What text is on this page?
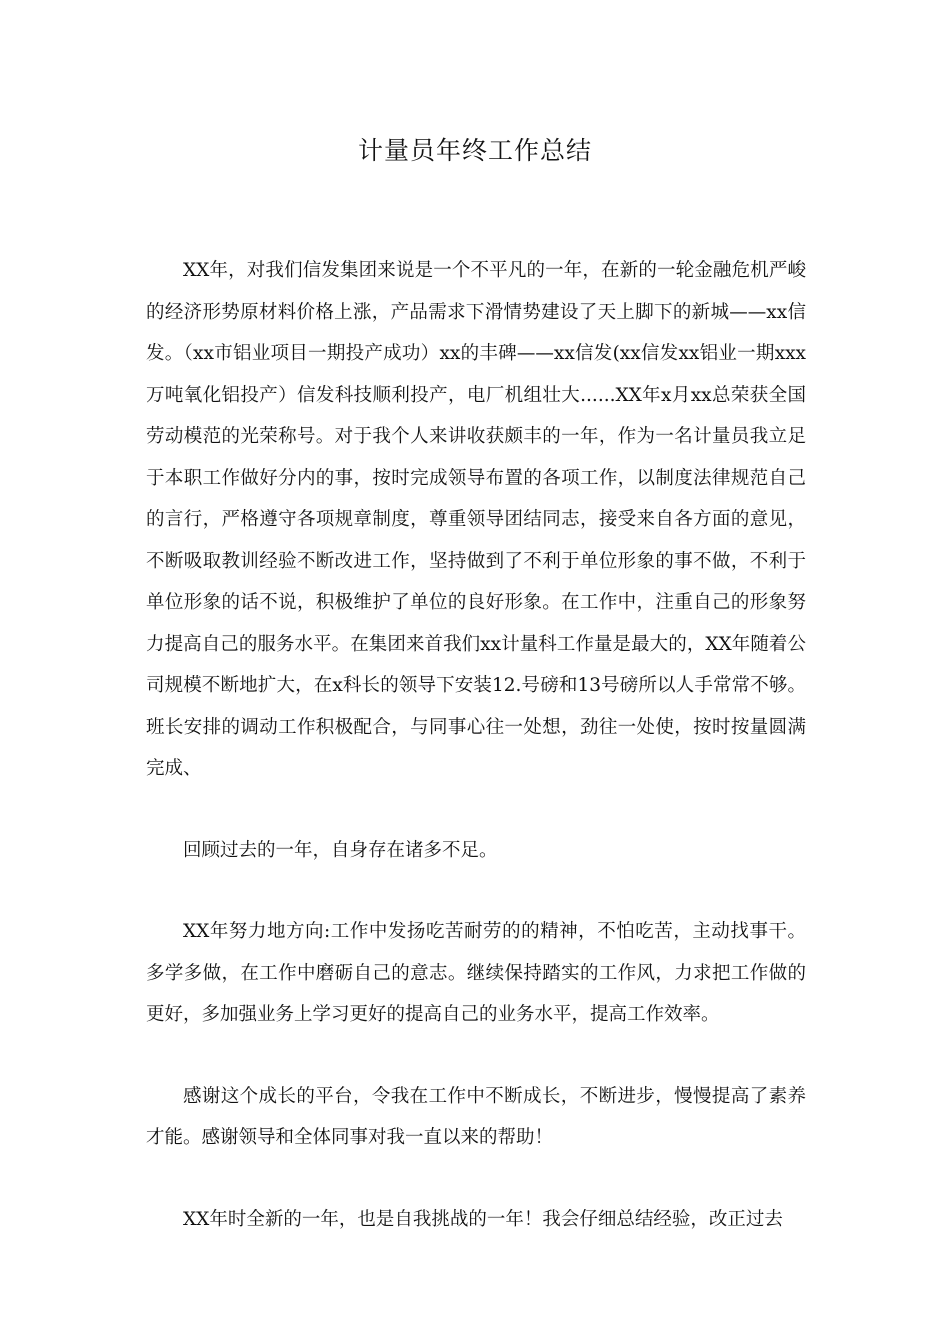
计量员年终工作总结

XX年，对我们信发集团来说是一个不平凡的一年，在新的一轮金融危机严峻的经济形势原材料价格上涨，产品需求下滑情势建设了天上脚下的新城——xx信发。（xx市铝业项目一期投产成功）xx的丰碑——xx信发(xx信发xx铝业一期xxx万吨氧化铝投产）信发科技顺利投产，电厂机组壮大......XX年x月xx总荣获全国劳动模范的光荣称号。对于我个人来讲收获颇丰的一年，作为一名计量员我立足于本职工作做好分内的事，按时完成领导布置的各项工作，以制度法律规范自己的言行，严格遵守各项规章制度，尊重领导团结同志，接受来自各方面的意见，不断吸取教训经验不断改进工作，坚持做到了不利于单位形象的事不做，不利于单位形象的话不说，积极维护了单位的良好形象。在工作中，注重自己的形象努力提高自己的服务水平。在集团来首我们xx计量科工作量是最大的，XX年随着公司规模不断地扩大，在x科长的领导下安装12.号磅和13号磅所以人手常常不够。班长安排的调动工作积极配合，与同事心往一处想，劲往一处使，按时按量圆满完成、

回顾过去的一年，自身存在诸多不足。

XX年努力地方向:工作中发扬吃苦耐劳的的精神，不怕吃苦，主动找事干。多学多做，在工作中磨砺自己的意志。继续保持踏实的工作风，力求把工作做的更好，多加强业务上学习更好的提高自己的业务水平，提高工作效率。

感谢这个成长的平台，令我在工作中不断成长，不断进步，慢慢提高了素养才能。感谢领导和全体同事对我一直以来的帮助！

XX年时全新的一年，也是自我挑战的一年！我会仔细总结经验，改正过去
